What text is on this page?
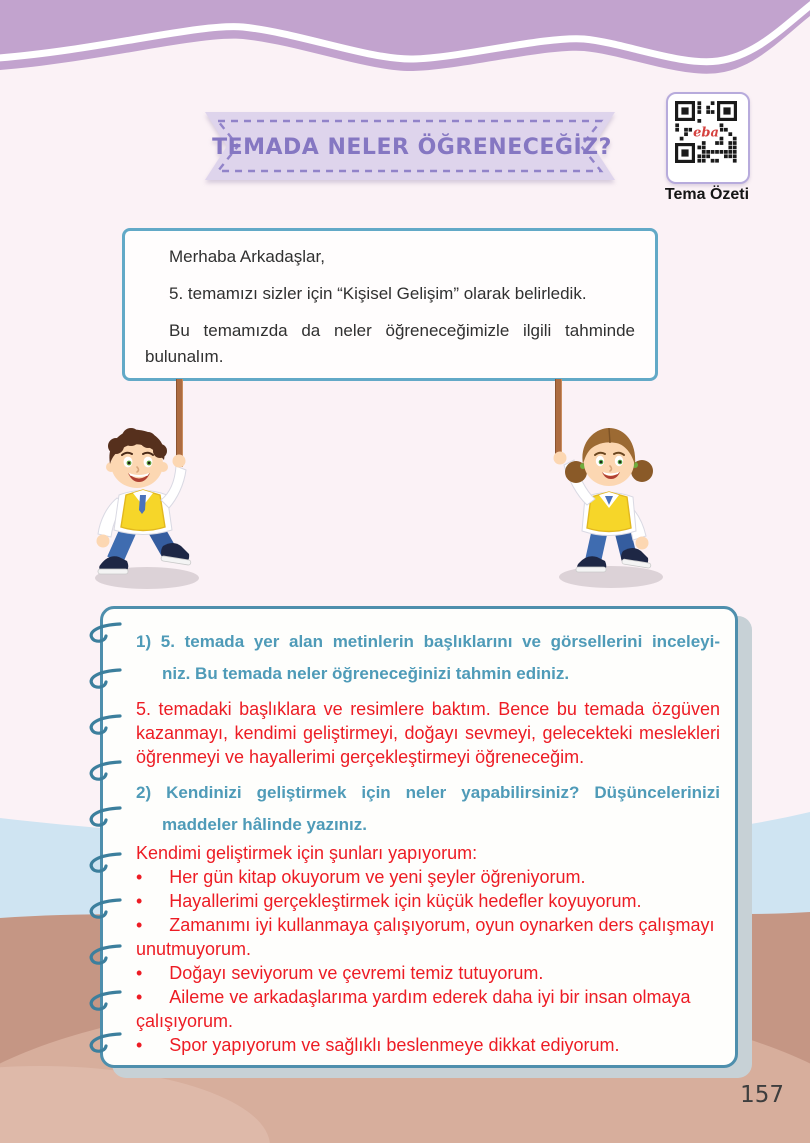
TEMADA NELER ÖĞRENECEĞİZ?
eba
Tema Özeti

Merhaba Arkadaşlar,

5. temamızı sizler için “Kişisel Gelişim” olarak belirledik.

Bu temamızda da neler öğreneceğimizle ilgili tahminde bulunalım.

1) 5. temada yer alan metinlerin başlıklarını ve görsellerini inceleyi-
niz. Bu temada neler öğreneceğinizi tahmin ediniz.
5. temadaki başlıklara ve resimlere baktım. Bence bu temada özgüven kazanmayı, kendimi geliştirmeyi, doğayı sevmeyi, gelecekteki meslekleri öğrenmeyi ve hayallerimi gerçekleştirmeyi öğreneceğim.
2) Kendinizi geliştirmek için neler yapabilirsiniz? Düşüncelerinizi
maddeler hâlinde yazınız.
Kendimi geliştirmek için şunları yapıyorum:
•  Her gün kitap okuyorum ve yeni şeyler öğreniyorum.
•  Hayallerimi gerçekleştirmek için küçük hedefler koyuyorum.
•  Zamanımı iyi kullanmaya çalışıyorum, oyun oynarken ders çalışmayı
unutmuyorum.
•  Doğayı seviyorum ve çevremi temiz tutuyorum.
•  Aileme ve arkadaşlarıma yardım ederek daha iyi bir insan olmaya
çalışıyorum.
•  Spor yapıyorum ve sağlıklı beslenmeye dikkat ediyorum.
157
